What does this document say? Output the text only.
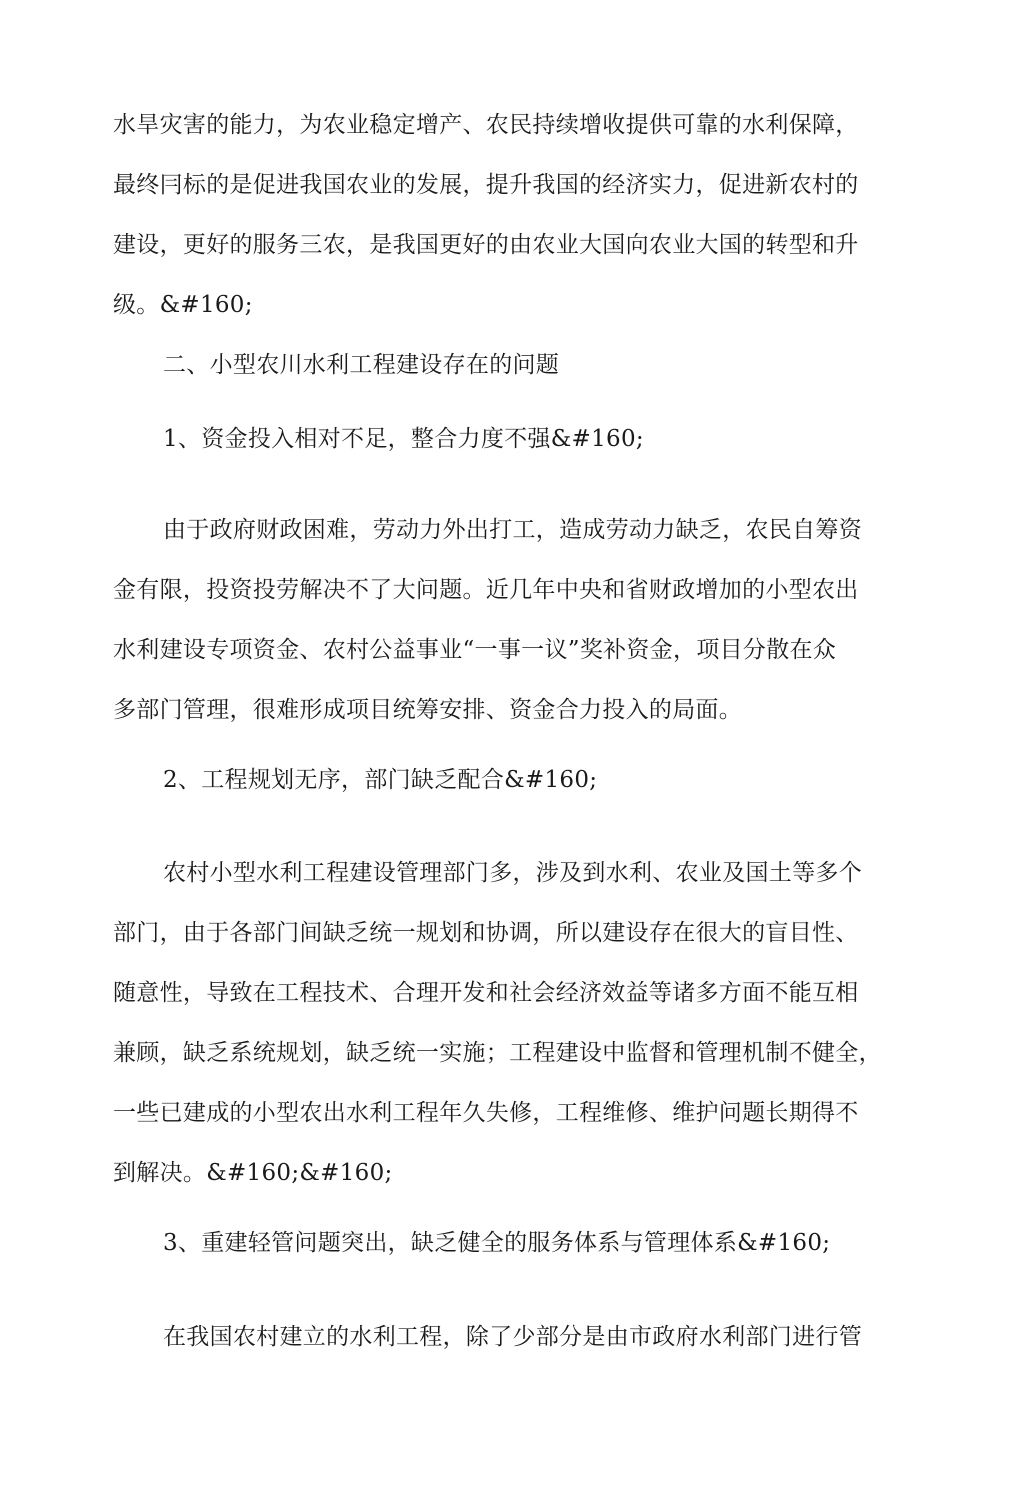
水旱灾害的能力，为农业稳定增产、农民持续增收提供可靠的水利保障，
最终冃标的是促进我国农业的发展，提升我国的经济实力，促进新农村的
建设，更好的服务三农，是我国更好的由农业大国向农业大国的转型和升
级。&#160;
二、小型农川水利工程建设存在的问题
1、资金投入相对不足，整合力度不强&#160;
由于政府财政困难，劳动力外出打工，造成劳动力缺乏，农民自筹资
金有限，投资投劳解决不了大问题。近几年中央和省财政增加的小型农出
水利建设专项资金、农村公益事业“一事一议”奖补资金，项目分散在众
多部门管理，很难形成项目统筹安排、资金合力投入的局面。
2、工程规划无序，部门缺乏配合&#160;
农村小型水利工程建设管理部门多，涉及到水利、农业及国土等多个
部门，由于各部门间缺乏统一规划和协调，所以建设存在很大的盲目性、
随意性，导致在工程技术、合理开发和社会经济效益等诸多方面不能互相
兼顾，缺乏系统规划，缺乏统一实施；工程建设中监督和管理机制不健全，
一些已建成的小型农出水利工程年久失修，工程维修、维护问题长期得不
到解决。&#160;&#160;
3、重建轻管问题突出，缺乏健全的服务体系与管理体系&#160;
在我国农村建立的水利工程，除了少部分是由市政府水利部门进行管
